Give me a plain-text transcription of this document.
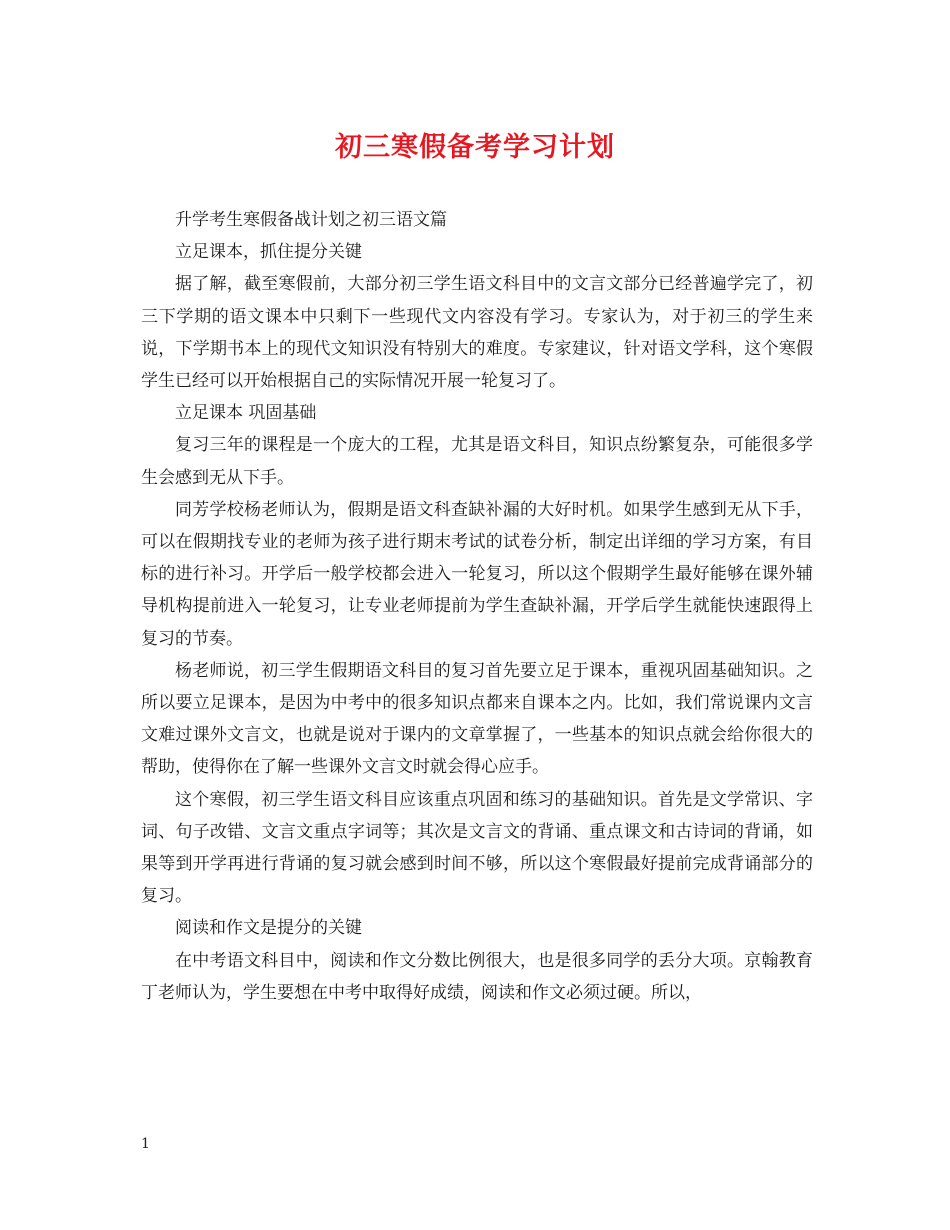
初三寒假备考学习计划

升学考生寒假备战计划之初三语文篇

立足课本，抓住提分关键

据了解，截至寒假前，大部分初三学生语文科目中的文言文部分已经普遍学完了，初三下学期的语文课本中只剩下一些现代文内容没有学习。专家认为，对于初三的学生来说，下学期书本上的现代文知识没有特别大的难度。专家建议，针对语文学科，这个寒假学生已经可以开始根据自己的实际情况开展一轮复习了。

立足课本 巩固基础

复习三年的课程是一个庞大的工程，尤其是语文科目，知识点纷繁复杂，可能很多学生会感到无从下手。

同芳学校杨老师认为，假期是语文科查缺补漏的大好时机。如果学生感到无从下手，可以在假期找专业的老师为孩子进行期末考试的试卷分析，制定出详细的学习方案，有目标的进行补习。开学后一般学校都会进入一轮复习，所以这个假期学生最好能够在课外辅导机构提前进入一轮复习，让专业老师提前为学生查缺补漏，开学后学生就能快速跟得上复习的节奏。

杨老师说，初三学生假期语文科目的复习首先要立足于课本，重视巩固基础知识。之所以要立足课本，是因为中考中的很多知识点都来自课本之内。比如，我们常说课内文言文难过课外文言文，也就是说对于课内的文章掌握了，一些基本的知识点就会给你很大的帮助，使得你在了解一些课外文言文时就会得心应手。

这个寒假，初三学生语文科目应该重点巩固和练习的基础知识。首先是文学常识、字词、句子改错、文言文重点字词等；其次是文言文的背诵、重点课文和古诗词的背诵，如果等到开学再进行背诵的复习就会感到时间不够，所以这个寒假最好提前完成背诵部分的复习。

阅读和作文是提分的关键

在中考语文科目中，阅读和作文分数比例很大，也是很多同学的丢分大项。京翰教育丁老师认为，学生要想在中考中取得好成绩，阅读和作文必须过硬。所以，

1
